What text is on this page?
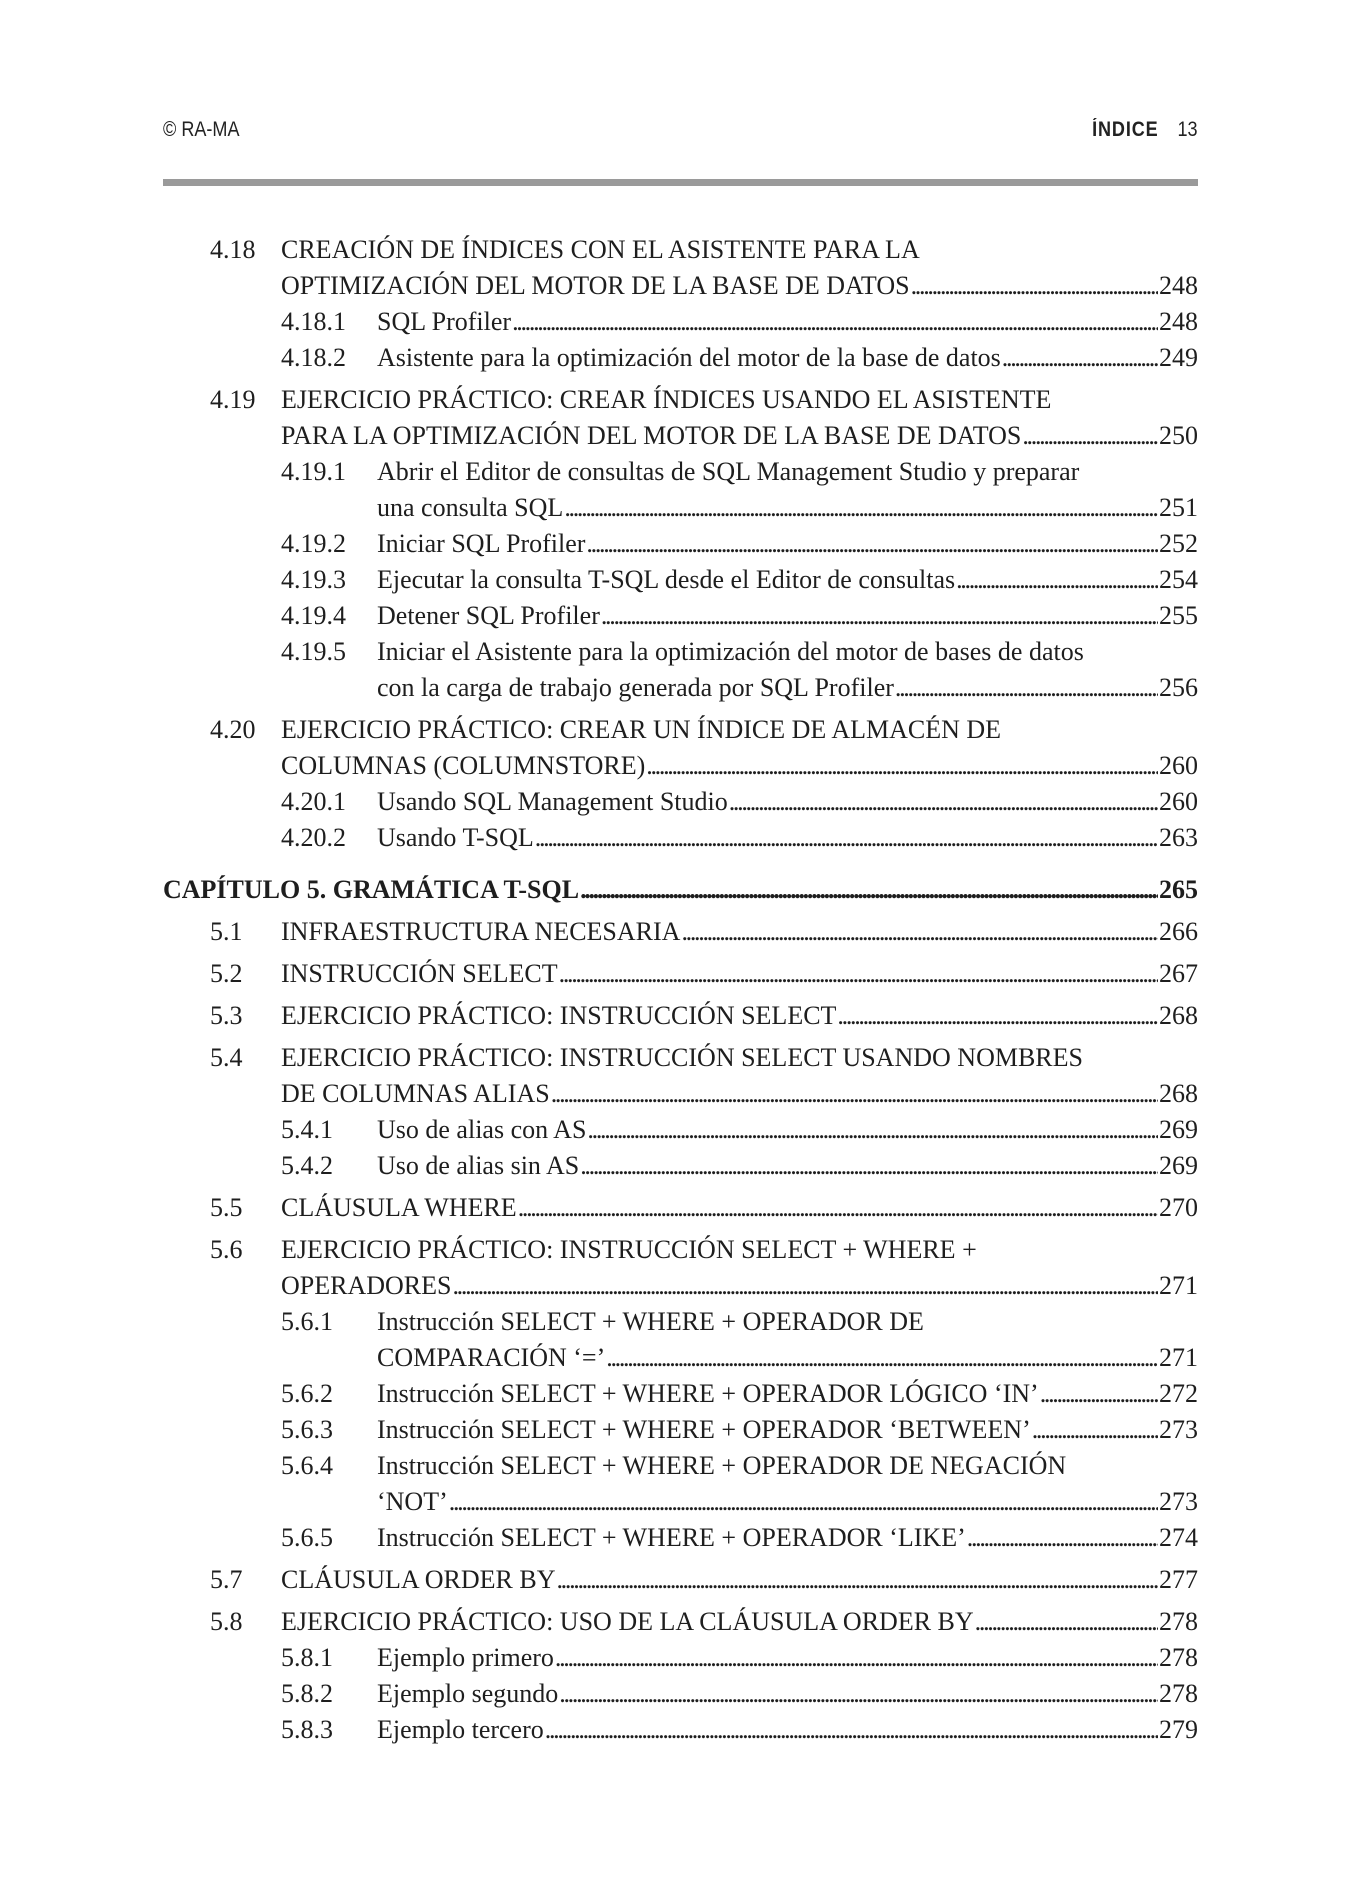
© RA-MA	ÍNDICE 13
4.18 CREACIÓN DE ÍNDICES CON EL ASISTENTE PARA LA
OPTIMIZACIÓN DEL MOTOR DE LA BASE DE DATOS . . .	248
4.18.1 SQL Profiler . . .	248
4.18.2 Asistente para la optimización del motor de la base de datos . . .	249
4.19 EJERCICIO PRÁCTICO: CREAR ÍNDICES USANDO EL ASISTENTE
PARA LA OPTIMIZACIÓN DEL MOTOR DE LA BASE DE DATOS . . .	250
4.19.1 Abrir el Editor de consultas de SQL Management Studio y preparar
una consulta SQL . . .	251
4.19.2 Iniciar SQL Profiler . . .	252
4.19.3 Ejecutar la consulta T-SQL desde el Editor de consultas . . .	254
4.19.4 Detener SQL Profiler . . .	255
4.19.5 Iniciar el Asistente para la optimización del motor de bases de datos
con la carga de trabajo generada por SQL Profiler . . .	256
4.20 EJERCICIO PRÁCTICO: CREAR UN ÍNDICE DE ALMACÉN DE
COLUMNAS (COLUMNSTORE) . . .	260
4.20.1 Usando SQL Management Studio . . .	260
4.20.2 Usando T-SQL . . .	263
CAPÍTULO 5. GRAMÁTICA T-SQL . . .	265
5.1 INFRAESTRUCTURA NECESARIA . . .	266
5.2 INSTRUCCIÓN SELECT . . .	267
5.3 EJERCICIO PRÁCTICO: INSTRUCCIÓN SELECT . . .	268
5.4 EJERCICIO PRÁCTICO: INSTRUCCIÓN SELECT USANDO NOMBRES
DE COLUMNAS ALIAS . . .	268
5.4.1 Uso de alias con AS . . .	269
5.4.2 Uso de alias sin AS . . .	269
5.5 CLÁUSULA WHERE . . .	270
5.6 EJERCICIO PRÁCTICO: INSTRUCCIÓN SELECT + WHERE +
OPERADORES . . .	271
5.6.1 Instrucción SELECT + WHERE + OPERADOR DE
COMPARACIÓN ‘=’ . . .	271
5.6.2 Instrucción SELECT + WHERE + OPERADOR LÓGICO ‘IN’ . . .	272
5.6.3 Instrucción SELECT + WHERE + OPERADOR ‘BETWEEN’ . . .	273
5.6.4 Instrucción SELECT + WHERE + OPERADOR DE NEGACIÓN
‘NOT’ . . .	273
5.6.5 Instrucción SELECT + WHERE + OPERADOR ‘LIKE’ . . .	274
5.7 CLÁUSULA ORDER BY . . .	277
5.8 EJERCICIO PRÁCTICO: USO DE LA CLÁUSULA ORDER BY . . .	278
5.8.1 Ejemplo primero . . .	278
5.8.2 Ejemplo segundo . . .	278
5.8.3 Ejemplo tercero . . .	279
